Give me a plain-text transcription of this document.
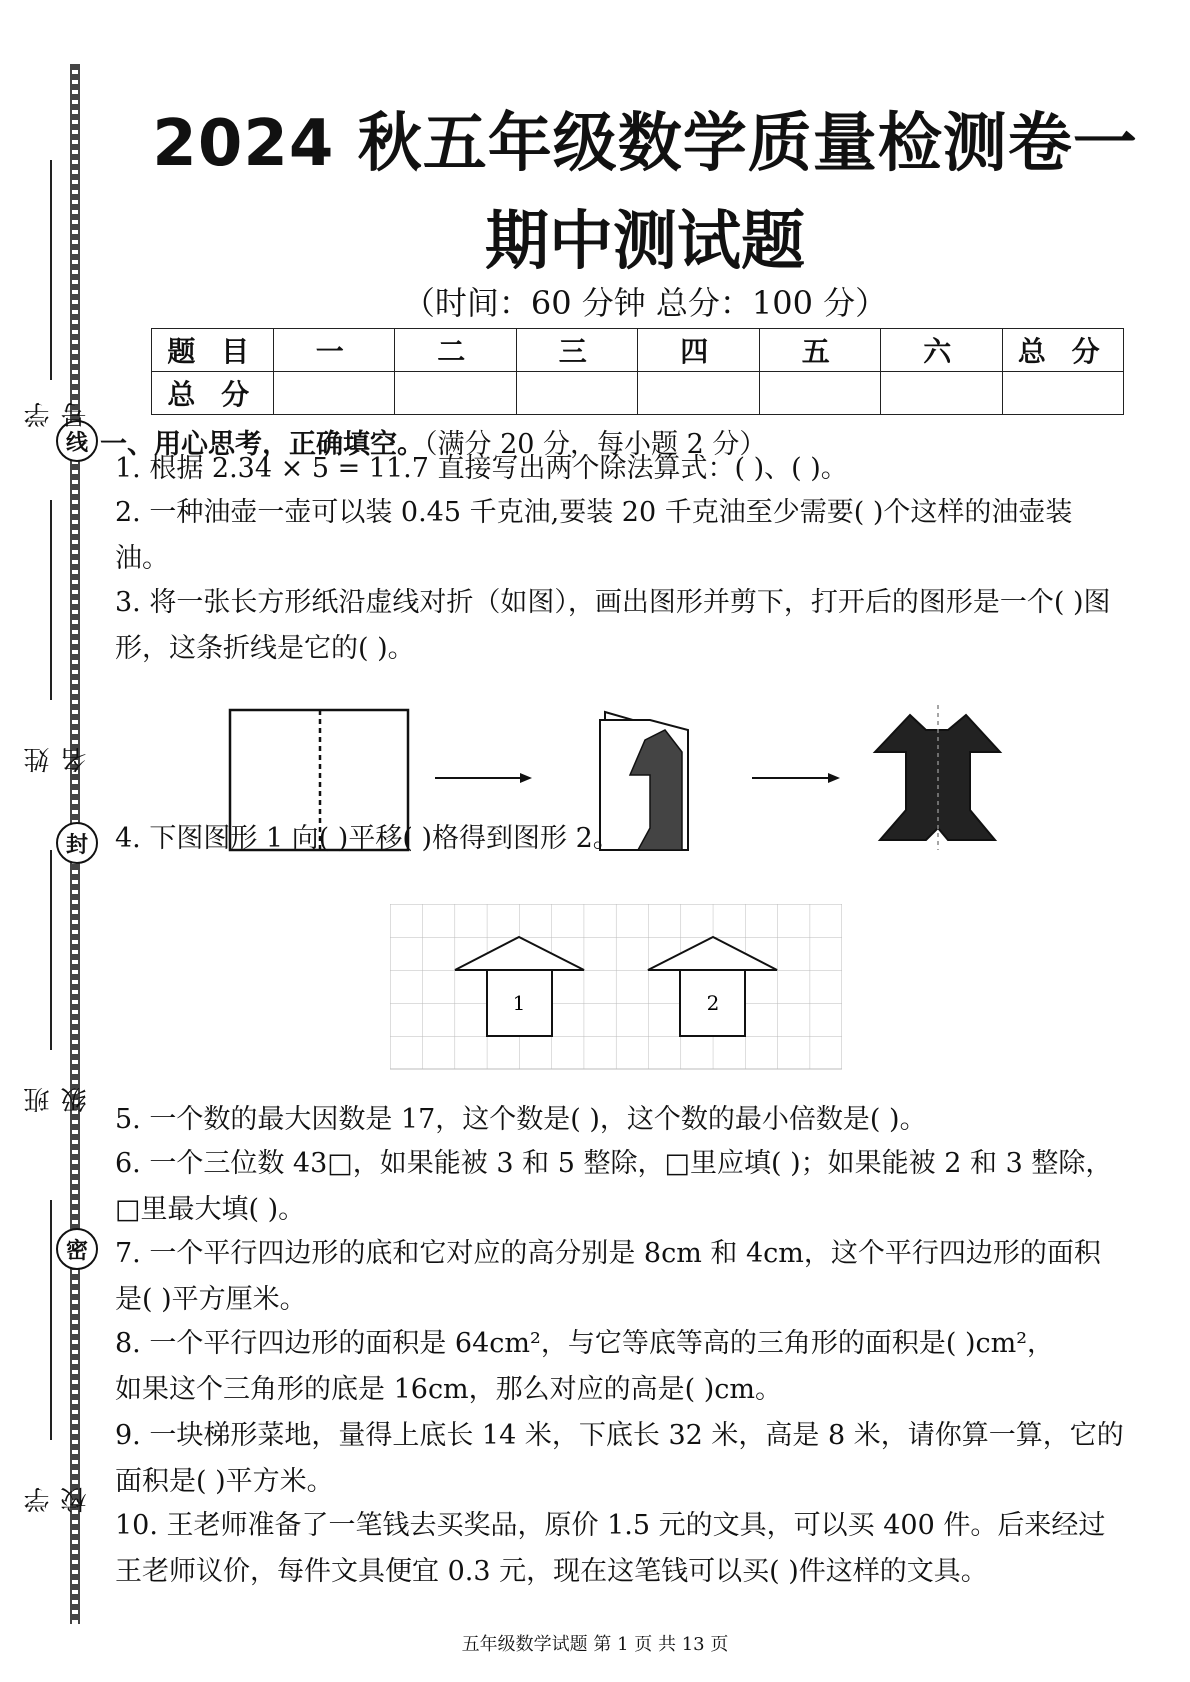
线
封
密
学 号
姓 名
班 级
学 校
2024 秋五年级数学质量检测卷一
期中测试题
（时间：60 分钟 总分：100 分）
题 目	一	二	三	四	五	六	总 分
总 分							
一、用心思考，正确填空。（满分 20 分，每小题 2 分）
1. 根据 2.34 × 5 = 11.7 直接写出两个除法算式：( )、( )。
2. 一种油壶一壶可以装 0.45 千克油,要装 20 千克油至少需要( )个这样的油壶装油。
3. 将一张长方形纸沿虚线对折（如图），画出图形并剪下，打开后的图形是一个( )图形，这条折线是它的( )。
4. 下图图形 1 向( )平移( )格得到图形 2。
1	2
5. 一个数的最大因数是 17，这个数是( )，这个数的最小倍数是( )。
6. 一个三位数 43□，如果能被 3 和 5 整除，□里应填( )；如果能被 2 和 3 整除，□里最大填( )。
7. 一个平行四边形的底和它对应的高分别是 8cm 和 4cm，这个平行四边形的面积是( )平方厘米。
8. 一个平行四边形的面积是 64cm²，与它等底等高的三角形的面积是( )cm²，
如果这个三角形的底是 16cm，那么对应的高是( )cm。
9. 一块梯形菜地，量得上底长 14 米，下底长 32 米，高是 8 米，请你算一算，它的面积是( )平方米。
10. 王老师准备了一笔钱去买奖品，原价 1.5 元的文具，可以买 400 件。后来经过王老师议价，每件文具便宜 0.3 元，现在这笔钱可以买( )件这样的文具。
五年级数学试题 第 1 页 共 13 页
